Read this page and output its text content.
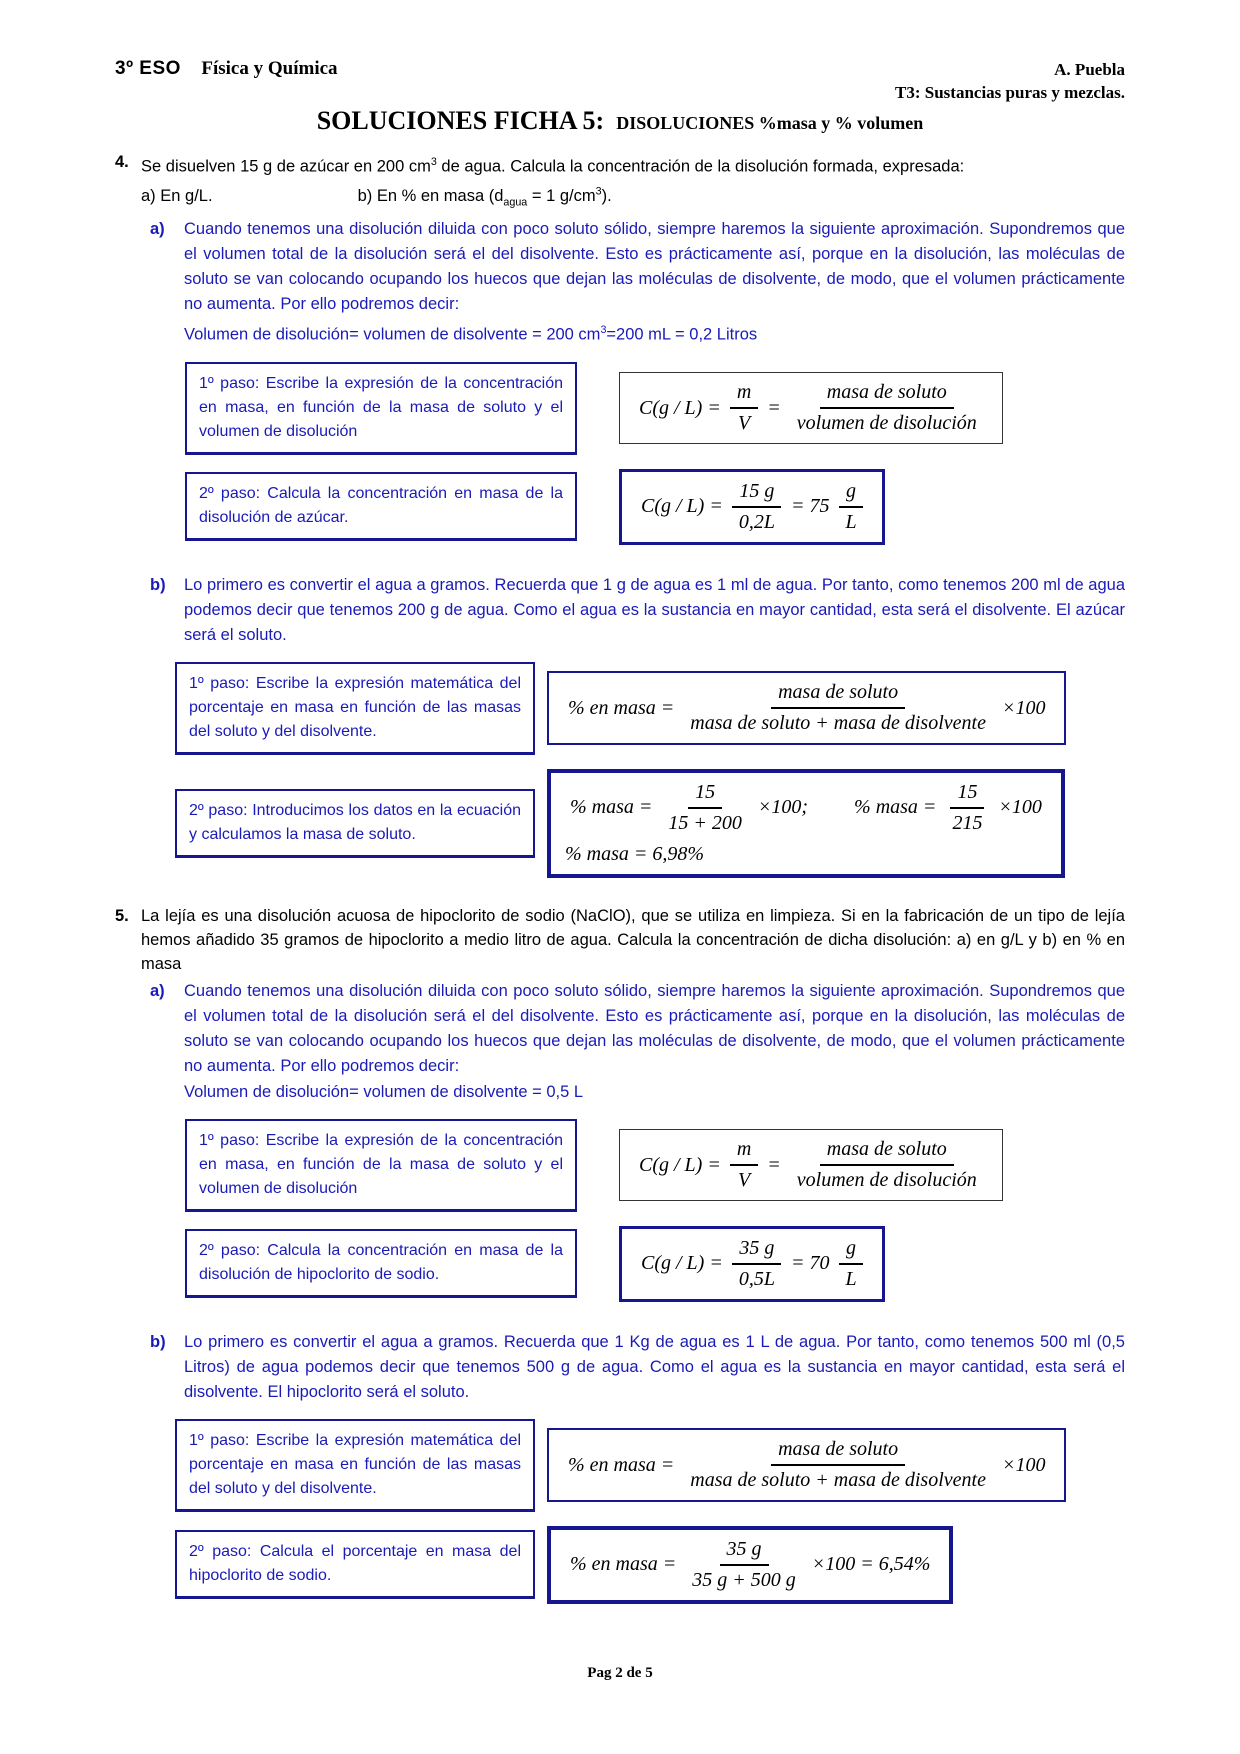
3º ESO Física y Química	A. Puebla
T3: Sustancias puras y mezclas.
SOLUCIONES FICHA 5: DISOLUCIONES %masa y % volumen
4. Se disuelven 15 g de azúcar en 200 $cm^3$ de agua. Calcula la concentración de la disolución formada, expresada:
a) En g/L.	b) En % en masa ($d_{agua} = 1$ $g/cm^3$).
a)	Cuando tenemos una disolución diluida con poco soluto sólido, siempre haremos la siguiente aproximación. Supondremos que el volumen total de la disolución será el del disolvente. Esto es prácticamente así, porque en la disolución, las moléculas de soluto se van colocando ocupando los huecos que dejan las moléculas de disolvente, de modo, que el volumen prácticamente no aumenta. Por ello podremos decir:
Volumen de disolución= volumen de disolvente = 200 $cm^3=200$ mL = 0,2 Litros
1º paso: Escribe la expresión de la concentración en masa, en función de la masa de soluto y el volumen de disolución
$C(g / L) = \frac{m}{V} = \frac{\text{masa de soluto}}{\text{volumen de disolución}}$
2º paso: Calcula la concentración en masa de la disolución de azúcar.
$C(g / L) = \frac{15 g}{0,2L} = 75 \frac{g}{L}$
b)	Lo primero es convertir el agua a gramos. Recuerda que 1 g de agua es 1 ml de agua. Por tanto, como tenemos 200 ml de agua podemos decir que tenemos 200 g de agua. Como el agua es la sustancia en mayor cantidad, esta será el disolvente. El azúcar será el soluto.
1º paso: Escribe la expresión matemática del porcentaje en masa en función de las masas del soluto y del disolvente.
% en masa = $\frac{\text{masa de soluto}}{\text{masa de soluto + masa de disolvente}} \times 100$
2º paso: Introducimos los datos en la ecuación y calculamos la masa de soluto.
% masa = $\frac{15}{15 + 200} \times 100$; % masa = $\frac{15}{215} \times 100$
% masa = 6,98%
5. La lejía es una disolución acuosa de hipoclorito de sodio (NaClO), que se utiliza en limpieza. Si en la fabricación de un tipo de lejía hemos añadido 35 gramos de hipoclorito a medio litro de agua. Calcula la concentración de dicha disolución: a) en g/L y b) en % en masa
a)	Cuando tenemos una disolución diluida con poco soluto sólido, siempre haremos la siguiente aproximación. Supondremos que el volumen total de la disolución será el del disolvente. Esto es prácticamente así, porque en la disolución, las moléculas de soluto se van colocando ocupando los huecos que dejan las moléculas de disolvente, de modo, que el volumen prácticamente no aumenta. Por ello podremos decir:
Volumen de disolución= volumen de disolvente = 0,5 L
1º paso: Escribe la expresión de la concentración en masa, en función de la masa de soluto y el volumen de disolución
$C(g / L) = \frac{m}{V} = \frac{\text{masa de soluto}}{\text{volumen de disolución}}$
2º paso: Calcula la concentración en masa de la disolución de hipoclorito de sodio.
$C(g / L) = \frac{35 g}{0,5L} = 70 \frac{g}{L}$
b)	Lo primero es convertir el agua a gramos. Recuerda que 1 Kg de agua es 1 L de agua. Por tanto, como tenemos 500 ml (0,5 Litros) de agua podemos decir que tenemos 500 g de agua. Como el agua es la sustancia en mayor cantidad, esta será el disolvente. El hipoclorito será el soluto.
1º paso: Escribe la expresión matemática del porcentaje en masa en función de las masas del soluto y del disolvente.
% en masa = $\frac{\text{masa de soluto}}{\text{masa de soluto + masa de disolvente}} \times 100$
2º paso: Calcula el porcentaje en masa del hipoclorito de sodio.
% en masa = $\frac{35 g}{35 g + 500 g} \times 100 = 6,54\%$
Pag 2 de 5
